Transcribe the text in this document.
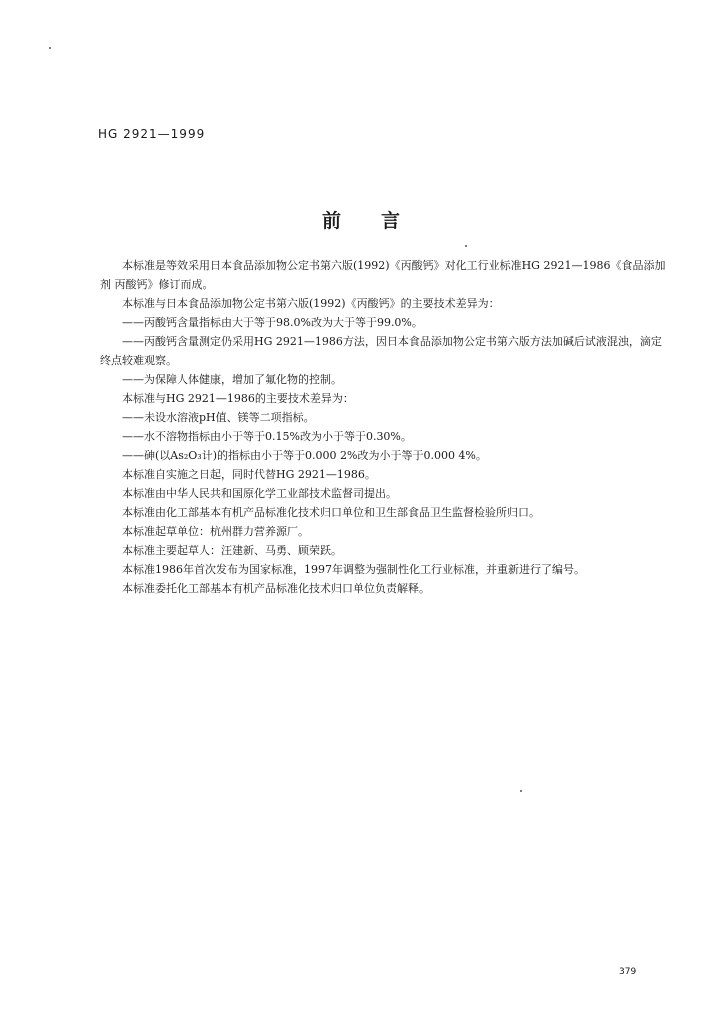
HG 2921—1999
前言

本标准是等效采用日本食品添加物公定书第六版(1992)《丙酸钙》对化工行业标准HG 2921—1986《食品添加剂 丙酸钙》修订而成。

本标准与日本食品添加物公定书第六版(1992)《丙酸钙》的主要技术差异为：

——丙酸钙含量指标由大于等于98.0%改为大于等于99.0%。

——丙酸钙含量测定仍采用HG 2921—1986方法，因日本食品添加物公定书第六版方法加碱后试液混浊，滴定终点较难观察。

——为保障人体健康，增加了氟化物的控制。

本标准与HG 2921—1986的主要技术差异为：

——未设水溶液pH值、镁等二项指标。

——水不溶物指标由小于等于0.15%改为小于等于0.30%。

——砷(以As₂O₃计)的指标由小于等于0.000 2%改为小于等于0.000 4%。

本标准自实施之日起，同时代替HG 2921—1986。

本标准由中华人民共和国原化学工业部技术监督司提出。

本标准由化工部基本有机产品标准化技术归口单位和卫生部食品卫生监督检验所归口。

本标准起草单位：杭州群力营养源厂。

本标准主要起草人：汪建新、马勇、顾荣跃。

本标准1986年首次发布为国家标准，1997年调整为强制性化工行业标准，并重新进行了编号。

本标准委托化工部基本有机产品标准化技术归口单位负责解释。

379
